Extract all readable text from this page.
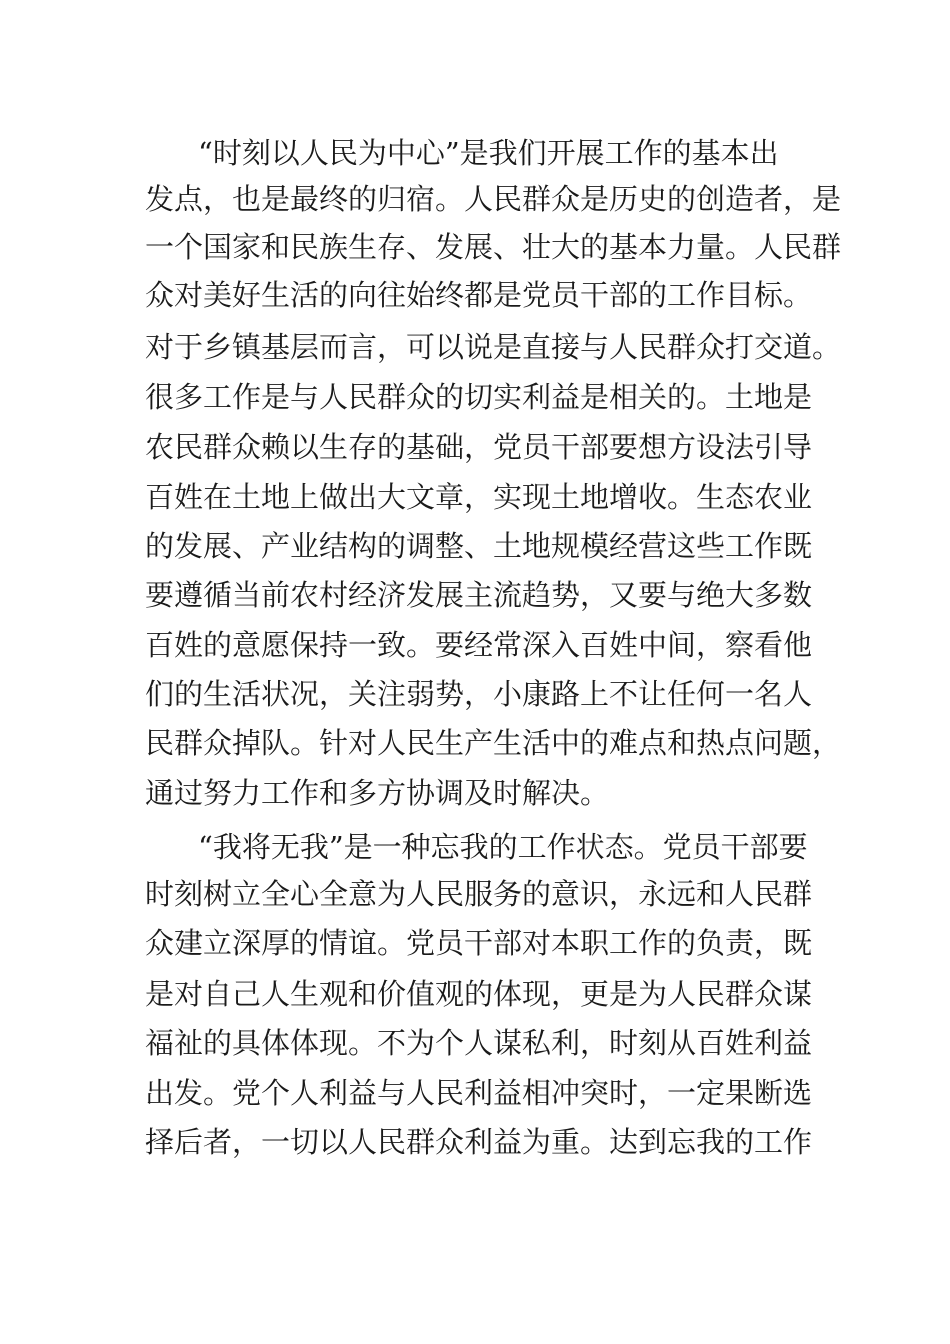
“时刻以人民为中心”是我们开展工作的基本出
发点，也是最终的归宿。人民群众是历史的创造者，是
一个国家和民族生存、发展、壮大的基本力量。人民群
众对美好生活的向往始终都是党员干部的工作目标。
对于乡镇基层而言，可以说是直接与人民群众打交道。
很多工作是与人民群众的切实利益是相关的。土地是
农民群众赖以生存的基础，党员干部要想方设法引导
百姓在土地上做出大文章，实现土地增收。生态农业
的发展、产业结构的调整、土地规模经营这些工作既
要遵循当前农村经济发展主流趋势，又要与绝大多数
百姓的意愿保持一致。要经常深入百姓中间，察看他
们的生活状况，关注弱势，小康路上不让任何一名人
民群众掉队。针对人民生产生活中的难点和热点问题，
通过努力工作和多方协调及时解决。
“我将无我”是一种忘我的工作状态。党员干部要
时刻树立全心全意为人民服务的意识，永远和人民群
众建立深厚的情谊。党员干部对本职工作的负责，既
是对自己人生观和价值观的体现，更是为人民群众谋
福祉的具体体现。不为个人谋私利，时刻从百姓利益
出发。党个人利益与人民利益相冲突时，一定果断选
择后者，一切以人民群众利益为重。达到忘我的工作
